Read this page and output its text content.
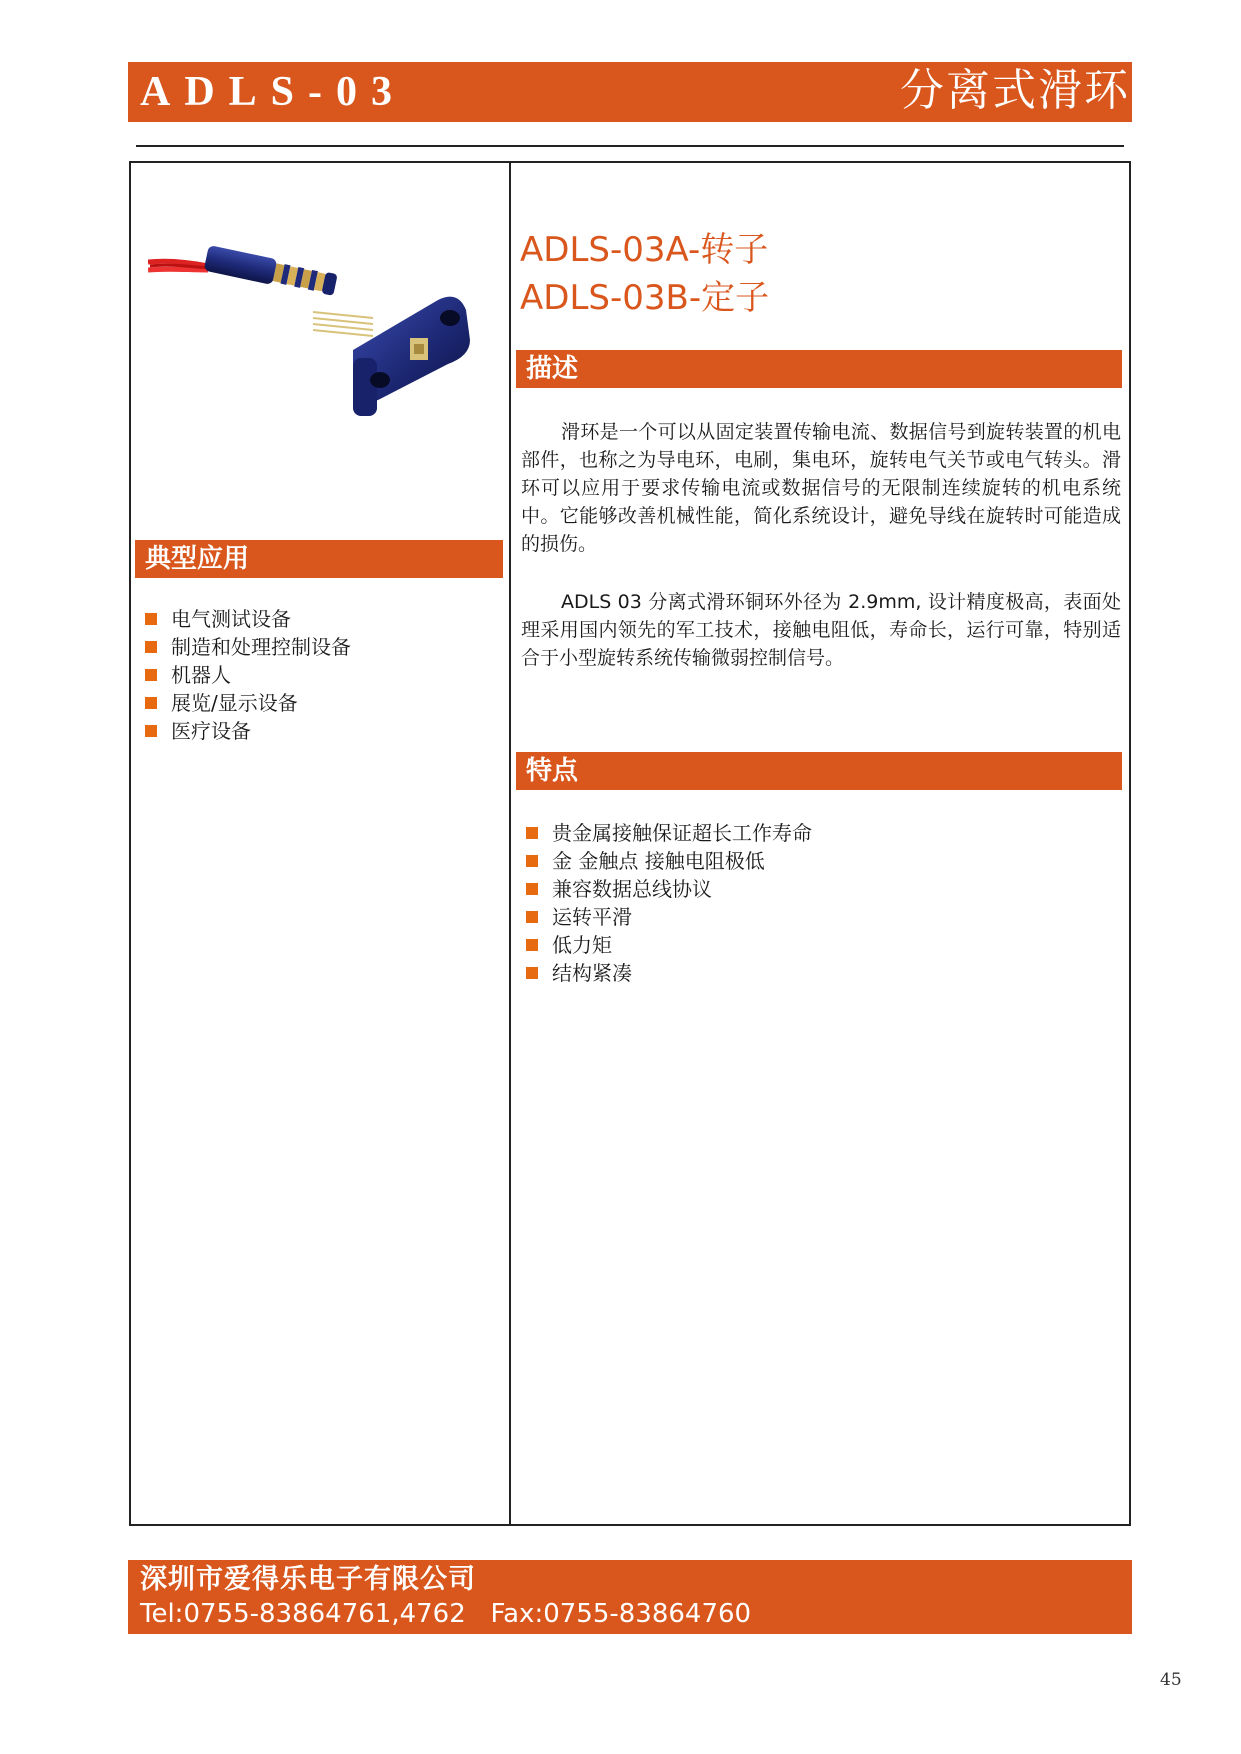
ADLS-03	分离式滑环
典型应用
电气测试设备
制造和处理控制设备
机器人
展览/显示设备
医疗设备
ADLS-03A-转子
ADLS-03B-定子
描述

滑环是一个可以从固定装置传输电流、数据信号到旋转装置的机电部件，也称之为导电环，电刷，集电环，旋转电气关节或电气转头。滑环可以应用于要求传输电流或数据信号的无限制连续旋转的机电系统中。它能够改善机械性能，简化系统设计，避免导线在旋转时可能造成的损伤。

ADLS 03 分离式滑环铜环外径为 2.9mm, 设计精度极高，表面处理采用国内领先的军工技术，接触电阻低，寿命长，运行可靠，特别适合于小型旋转系统传输微弱控制信号。

特点
贵金属接触保证超长工作寿命
金 金触点 接触电阻极低
兼容数据总线协议
运转平滑
低力矩
结构紧凑
深圳市爱得乐电子有限公司
Tel:0755-83864761,4762   Fax:0755-83864760
45
